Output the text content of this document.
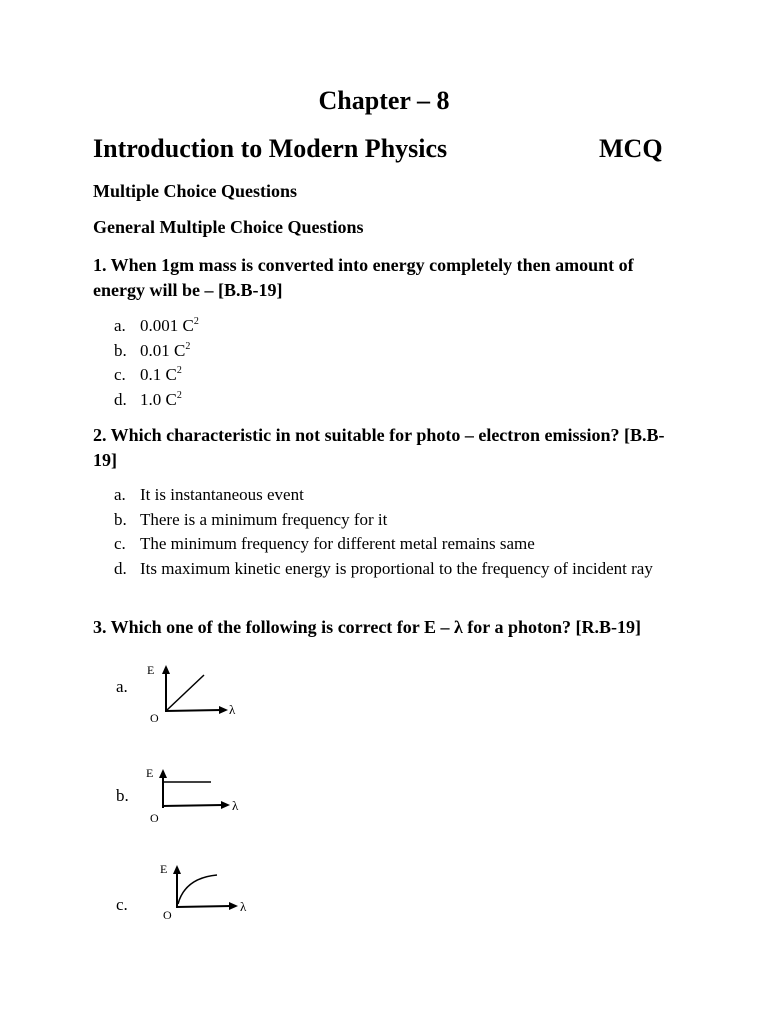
Chapter – 8
Introduction to Modern Physics	MCQ
Multiple Choice Questions
General Multiple Choice Questions
1. When 1gm mass is converted into energy completely then amount of energy will be – [B.B-19]
a. 0.001 $C^2$
b. 0.01 $C^2$
c. 0.1 $C^2$
d. 1.0 $C^2$
2. Which characteristic in not suitable for photo – electron emission? [B.B-19]
a. It is instantaneous event
b. There is a minimum frequency for it
c. The minimum frequency for different metal remains same
d. Its maximum kinetic energy is proportional to the frequency of incident ray
3. Which one of the following is correct for E – λ for a photon? [R.B-19]
a.
E
O
λ
b.
E
O
λ
c.
E
O
λ
